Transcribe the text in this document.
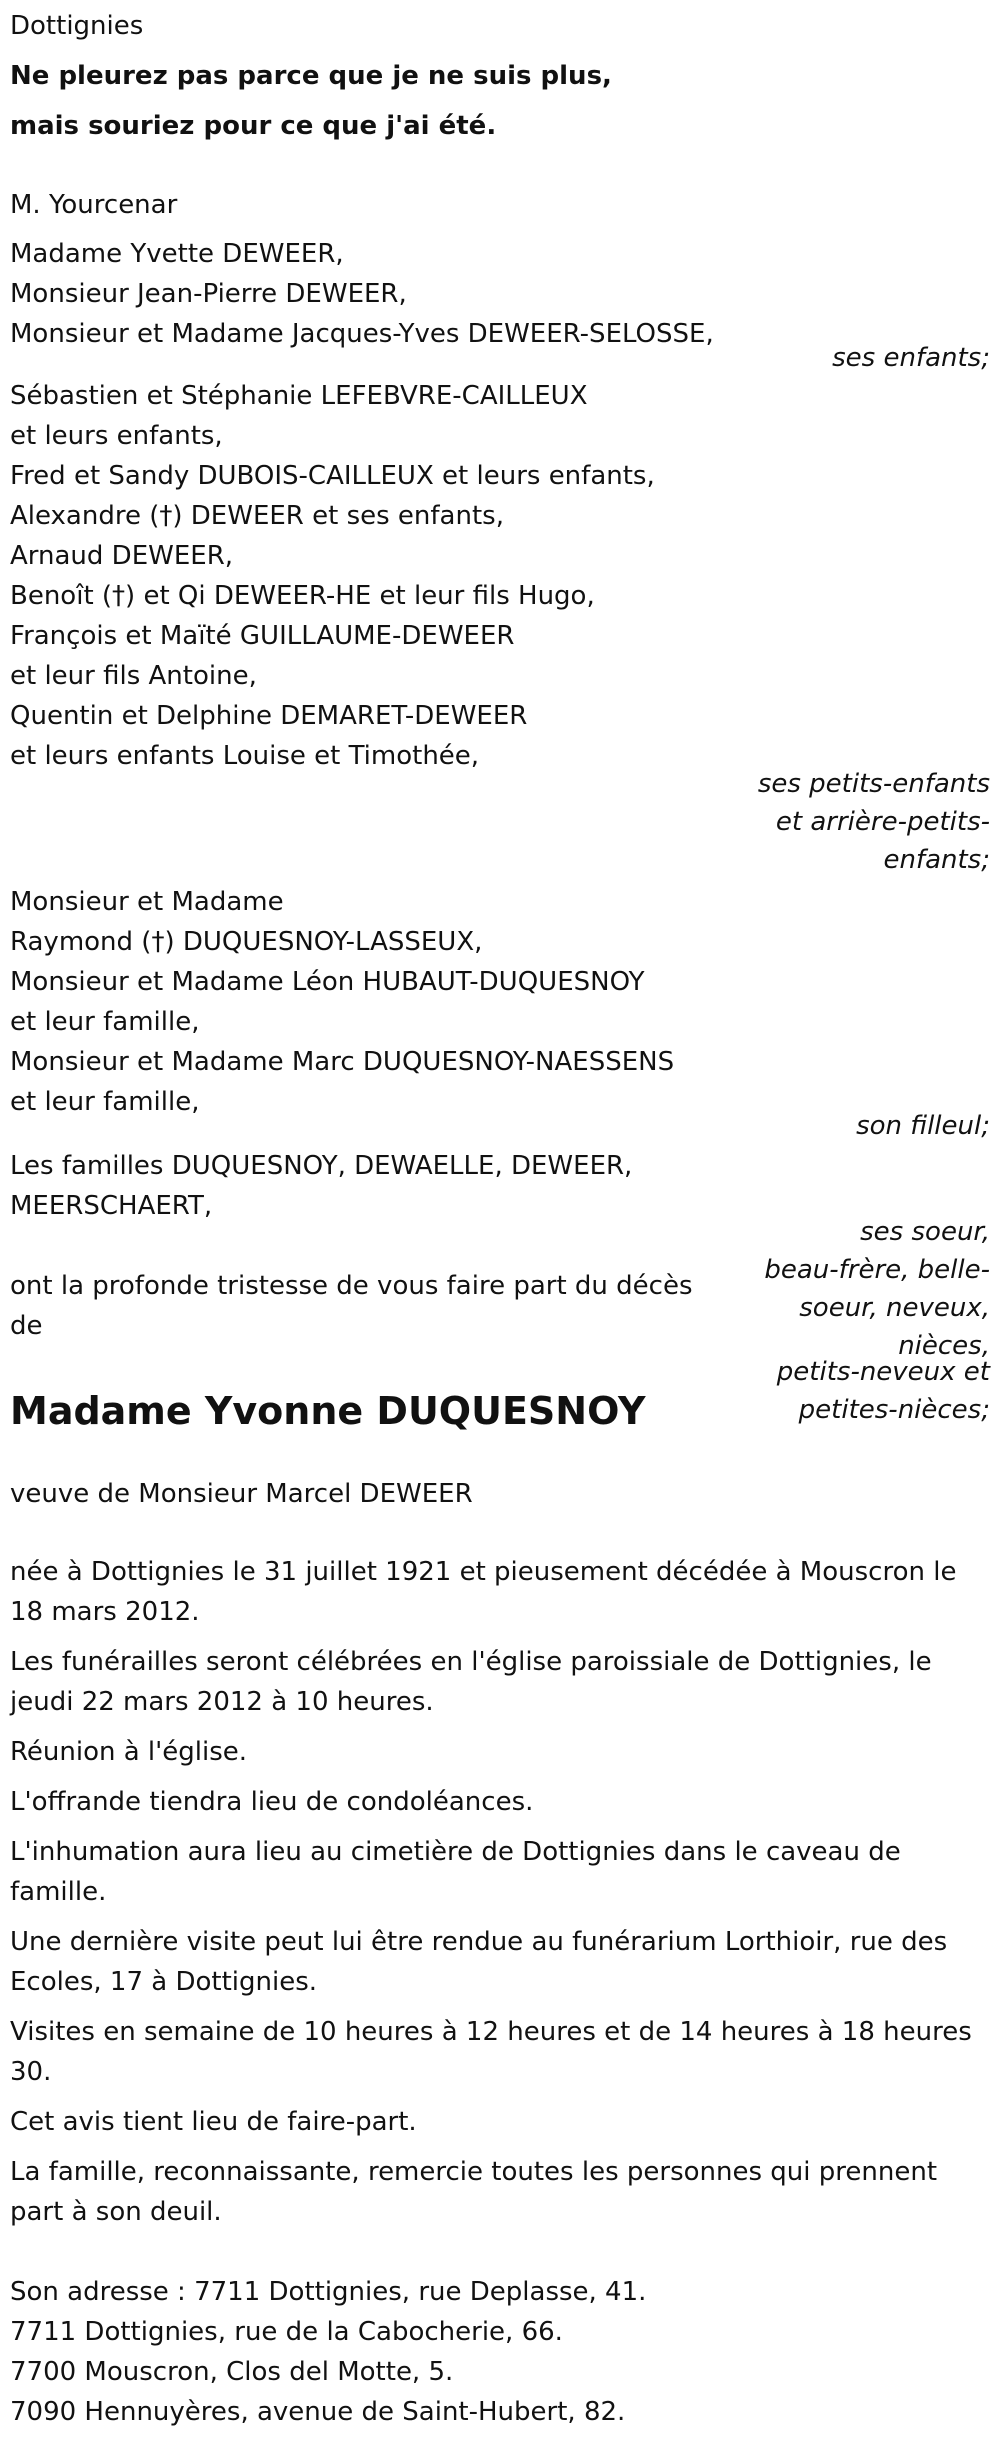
Dottignies
Ne pleurez pas parce que je ne suis plus,
mais souriez pour ce que j'ai été.
M. Yourcenar
Madame Yvette DEWEER,
Monsieur Jean-Pierre DEWEER,
Monsieur et Madame Jacques-Yves DEWEER-SELOSSE,
ses enfants;
Sébastien et Stéphanie LEFEBVRE-CAILLEUX
et leurs enfants,
Fred et Sandy DUBOIS-CAILLEUX et leurs enfants,
Alexandre (†) DEWEER et ses enfants,
Arnaud DEWEER,
Benoît (†) et Qi DEWEER-HE et leur fils Hugo,
François et Maïté GUILLAUME-DEWEER
et leur fils Antoine,
Quentin et Delphine DEMARET-DEWEER
et leurs enfants Louise et Timothée,
ses petits-enfants
et arrière-petits-
enfants;
Monsieur et Madame
Raymond (†) DUQUESNOY-LASSEUX,
Monsieur et Madame Léon HUBAUT-DUQUESNOY
et leur famille,
Monsieur et Madame Marc DUQUESNOY-NAESSENS
et leur famille,
son filleul;
Les familles DUQUESNOY, DEWAELLE, DEWEER,
MEERSCHAERT,
ses soeur,
beau-frère, belle-
soeur, neveux,
nièces,
petits-neveux et
petites-nièces;
ont la profonde tristesse de vous faire part du décès
de
Madame Yvonne DUQUESNOY
veuve de Monsieur Marcel DEWEER
née à Dottignies le 31 juillet 1921 et pieusement décédée à Mouscron le
18 mars 2012.
Les funérailles seront célébrées en l'église paroissiale de Dottignies, le
jeudi 22 mars 2012 à 10 heures.
Réunion à l'église.
L'offrande tiendra lieu de condoléances.
L'inhumation aura lieu au cimetière de Dottignies dans le caveau de
famille.
Une dernière visite peut lui être rendue au funérarium Lorthioir, rue des
Ecoles, 17 à Dottignies.
Visites en semaine de 10 heures à 12 heures et de 14 heures à 18 heures
30.
Cet avis tient lieu de faire-part.
La famille, reconnaissante, remercie toutes les personnes qui prennent
part à son deuil.
Son adresse : 7711 Dottignies, rue Deplasse, 41.
7711 Dottignies, rue de la Cabocherie, 66.
7700 Mouscron, Clos del Motte, 5.
7090 Hennuyères, avenue de Saint-Hubert, 82.
